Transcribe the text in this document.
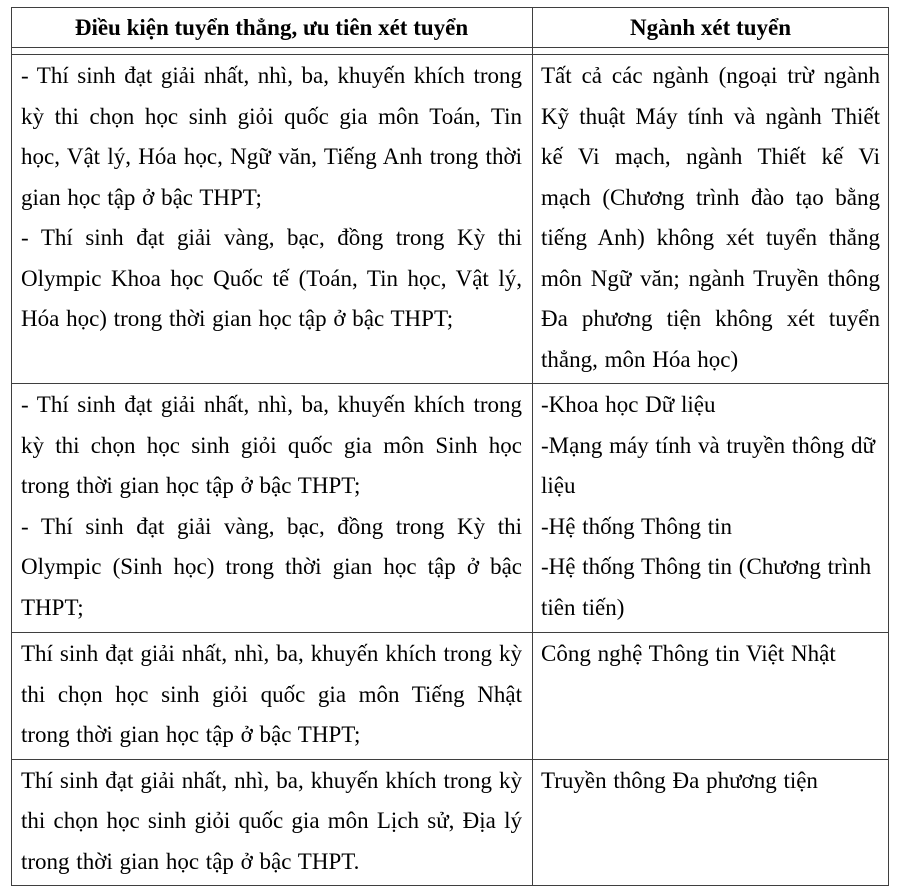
Điều kiện tuyển thẳng, ưu tiên xét tuyển	Ngành xét tuyển

- Thí sinh đạt giải nhất, nhì, ba, khuyến khích trong kỳ thi chọn học sinh giỏi quốc gia môn Toán, Tin học, Vật lý, Hóa học, Ngữ văn, Tiếng Anh trong thời gian học tập ở bậc THPT;

- Thí sinh đạt giải vàng, bạc, đồng trong Kỳ thi Olympic Khoa học Quốc tế (Toán, Tin học, Vật lý, Hóa học) trong thời gian học tập ở bậc THPT;

Tất cả các ngành (ngoại trừ ngành Kỹ thuật Máy tính và ngành Thiết kế Vi mạch, ngành Thiết kế Vi mạch (Chương trình đào tạo bằng tiếng Anh) không xét tuyển thẳng môn Ngữ văn; ngành Truyền thông Đa phương tiện không xét tuyển thẳng, môn Hóa học)

- Thí sinh đạt giải nhất, nhì, ba, khuyến khích trong kỳ thi chọn học sinh giỏi quốc gia môn Sinh học trong thời gian học tập ở bậc THPT;

- Thí sinh đạt giải vàng, bạc, đồng trong Kỳ thi Olympic (Sinh học) trong thời gian học tập ở bậc THPT;

-Khoa học Dữ liệu

-Mạng máy tính và truyền thông dữ liệu

-Hệ thống Thông tin

-Hệ thống Thông tin (Chương trình tiên tiến)

Thí sinh đạt giải nhất, nhì, ba, khuyến khích trong kỳ thi chọn học sinh giỏi quốc gia môn Tiếng Nhật trong thời gian học tập ở bậc THPT;

Công nghệ Thông tin Việt Nhật

Thí sinh đạt giải nhất, nhì, ba, khuyến khích trong kỳ thi chọn học sinh giỏi quốc gia môn Lịch sử, Địa lý trong thời gian học tập ở bậc THPT.

Truyền thông Đa phương tiện
